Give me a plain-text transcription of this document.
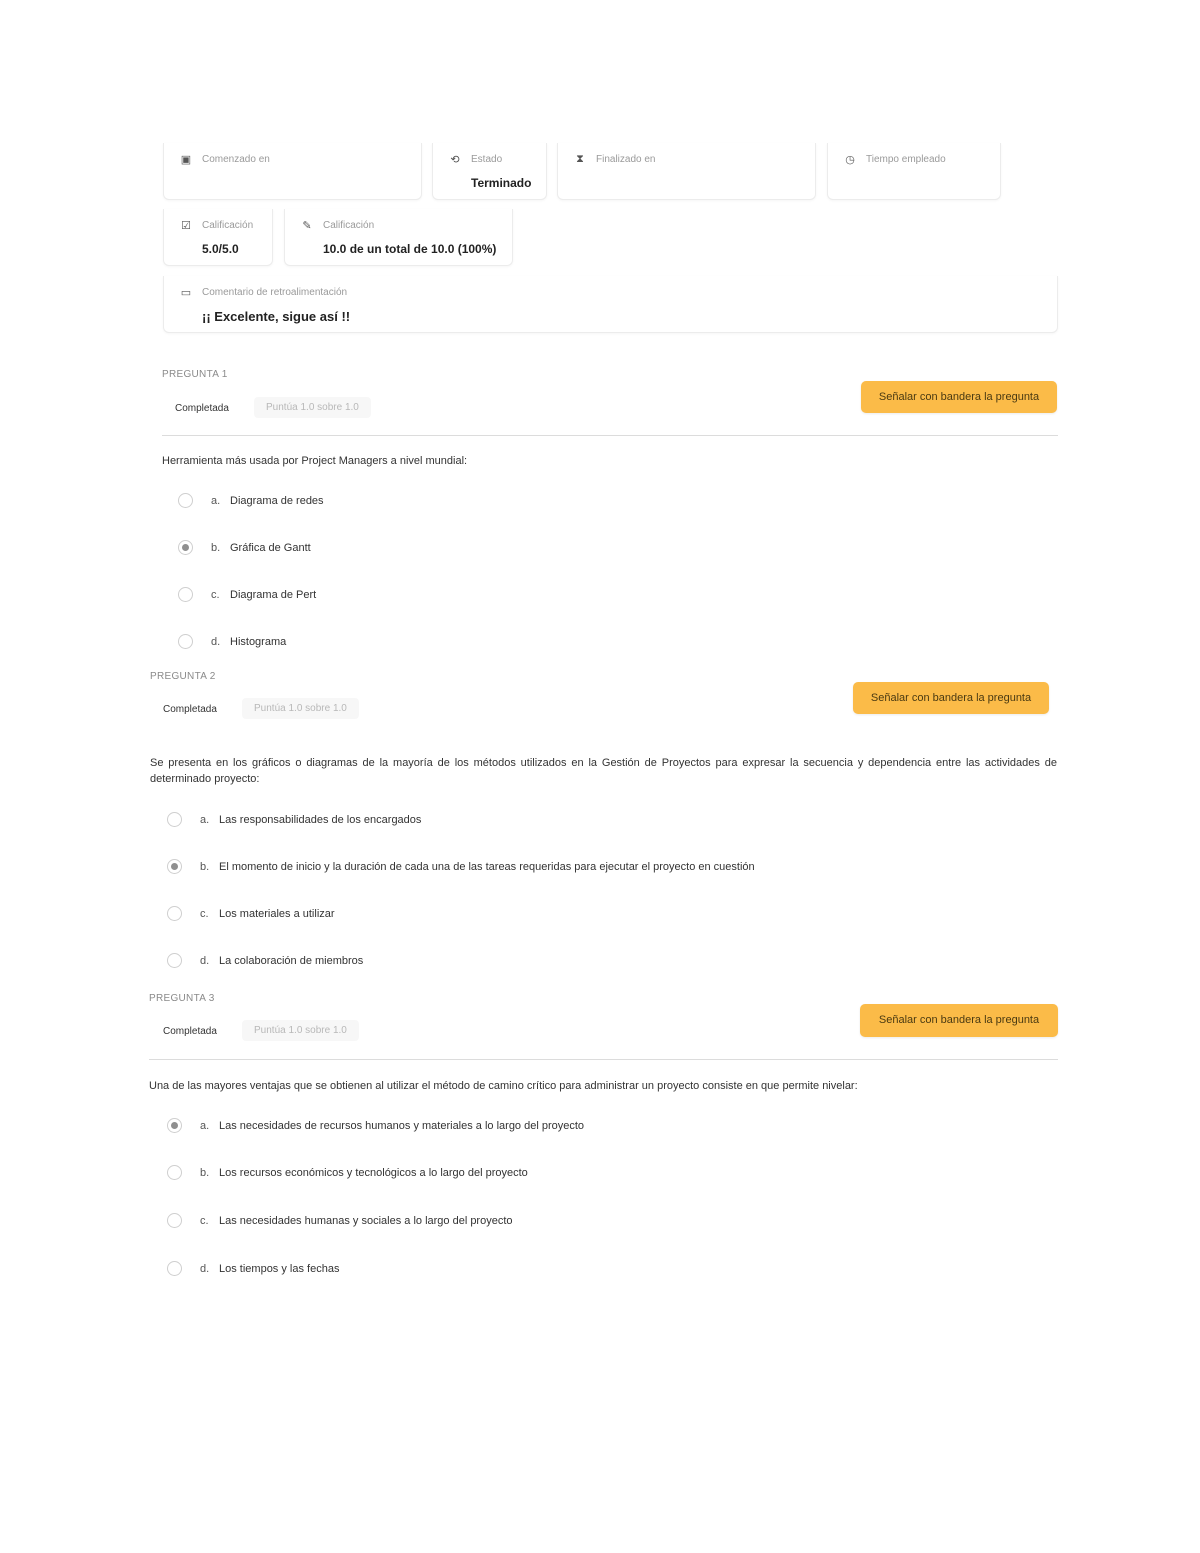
▣ Comenzado en	⟲ Estado
Terminado
⧗ Finalizado en	◷ Tiempo empleado
☑ Calificación
5.0/5.0
✎ Calificación
10.0 de un total de 10.0 (100%)
▭ Comentario de retroalimentación
¡¡ Excelente, sigue así !!
PREGUNTA 1
Completada	Puntúa 1.0 sobre 1.0
Señalar con bandera la pregunta
Herramienta más usada por Project Managers a nivel mundial:
a. Diagrama de redes
b. Gráfica de Gantt
c. Diagrama de Pert
d. Histograma
PREGUNTA 2
Completada	Puntúa 1.0 sobre 1.0
Señalar con bandera la pregunta
Se presenta en los gráficos o diagramas de la mayoría de los métodos utilizados en la Gestión de Proyectos para expresar la secuencia y dependencia entre las actividades de determinado proyecto:
a. Las responsabilidades de los encargados
b. El momento de inicio y la duración de cada una de las tareas requeridas para ejecutar el proyecto en cuestión
c. Los materiales a utilizar
d. La colaboración de miembros
PREGUNTA 3
Completada	Puntúa 1.0 sobre 1.0
Señalar con bandera la pregunta
Una de las mayores ventajas que se obtienen al utilizar el método de camino crítico para administrar un proyecto consiste en que permite nivelar:
a. Las necesidades de recursos humanos y materiales a lo largo del proyecto
b. Los recursos económicos y tecnológicos a lo largo del proyecto
c. Las necesidades humanas y sociales a lo largo del proyecto
d. Los tiempos y las fechas
